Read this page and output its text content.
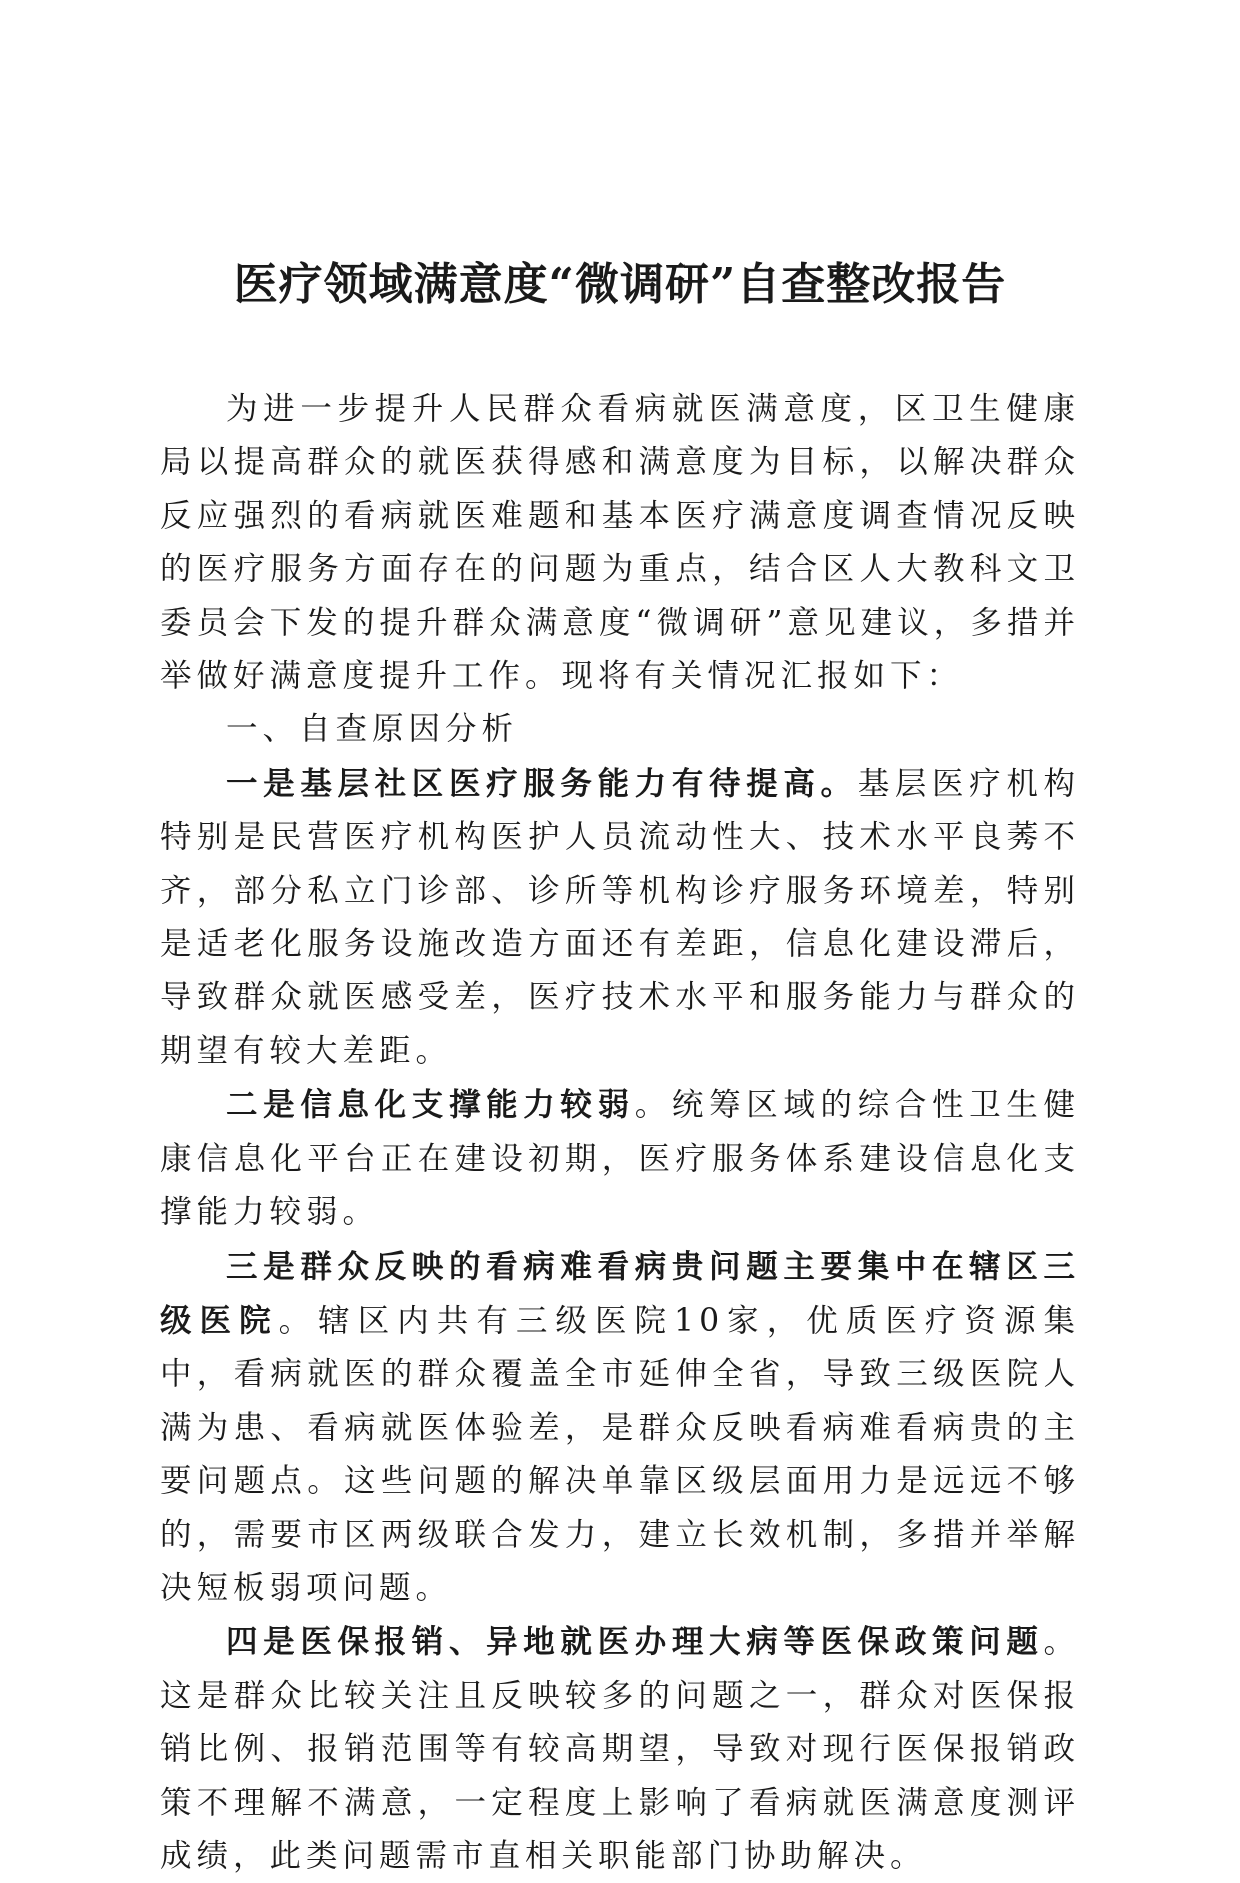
医疗领域满意度“微调研”自查整改报告

为进一步提升人民群众看病就医满意度，区卫生健康局以提高群众的就医获得感和满意度为目标，以解决群众反应强烈的看病就医难题和基本医疗满意度调查情况反映的医疗服务方面存在的问题为重点，结合区人大教科文卫委员会下发的提升群众满意度“微调研”意见建议，多措并举做好满意度提升工作。现将有关情况汇报如下：

一、自查原因分析

一是基层社区医疗服务能力有待提高。基层医疗机构特别是民营医疗机构医护人员流动性大、技术水平良莠不齐，部分私立门诊部、诊所等机构诊疗服务环境差，特别是适老化服务设施改造方面还有差距，信息化建设滞后，导致群众就医感受差，医疗技术水平和服务能力与群众的期望有较大差距。

二是信息化支撑能力较弱。统筹区域的综合性卫生健康信息化平台正在建设初期，医疗服务体系建设信息化支撑能力较弱。

三是群众反映的看病难看病贵问题主要集中在辖区三级医院。辖区内共有三级医院10家，优质医疗资源集中，看病就医的群众覆盖全市延伸全省，导致三级医院人满为患、看病就医体验差，是群众反映看病难看病贵的主要问题点。这些问题的解决单靠区级层面用力是远远不够的，需要市区两级联合发力，建立长效机制，多措并举解决短板弱项问题。

四是医保报销、异地就医办理大病等医保政策问题。这是群众比较关注且反映较多的问题之一，群众对医保报销比例、报销范围等有较高期望，导致对现行医保报销政策不理解不满意，一定程度上影响了看病就医满意度测评成绩，此类问题需市直相关职能部门协助解决。
